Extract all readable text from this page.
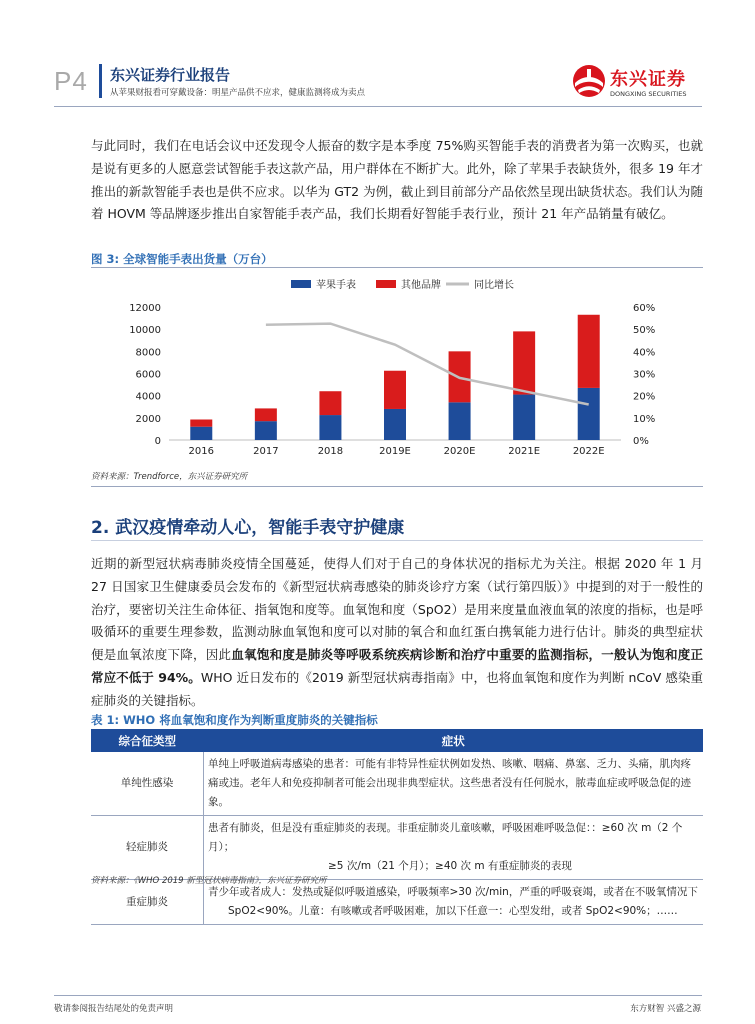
P4 东兴证券行业报告
从苹果财报看可穿戴设备：明星产品供不应求，健康监测将成为卖点
东兴证券
DONGXING SECURITIES
与此同时，我们在电话会议中还发现令人振奋的数字是本季度 75%购买智能手表的消费者为第一次购买，也就是说有更多的人愿意尝试智能手表这款产品，用户群体在不断扩大。此外，除了苹果手表缺货外，很多 19 年才推出的新款智能手表也是供不应求。以华为 GT2 为例，截止到目前部分产品依然呈现出缺货状态。我们认为随着 HOVM 等品牌逐步推出自家智能手表产品，我们长期看好智能手表行业，预计 21 年产品销量有破亿。
图 3: 全球智能手表出货量（万台）
苹果手表	其他品牌	同比增长
0
2000
4000
6000
8000
10000
12000
0%
10%
20%
30%
40%
50%
60%
2016	2017	2018	2019E	2020E	2021E	2022E
资料来源：Trendforce，东兴证券研究所
2. 武汉疫情牵动人心，智能手表守护健康
近期的新型冠状病毒肺炎疫情全国蔓延，使得人们对于自己的身体状况的指标尤为关注。根据 2020 年 1 月 27 日国家卫生健康委员会发布的《新型冠状病毒感染的肺炎诊疗方案（试行第四版）》中提到的对于一般性的治疗，要密切关注生命体征、指氧饱和度等。血氧饱和度（SpO2）是用来度量血液血氧的浓度的指标，也是呼吸循环的重要生理参数，监测动脉血氧饱和度可以对肺的氧合和血红蛋白携氧能力进行估计。肺炎的典型症状便是血氧浓度下降，因此血氧饱和度是肺炎等呼吸系统疾病诊断和治疗中重要的监测指标，一般认为饱和度正常应不低于 94%。WHO 近日发布的《2019 新型冠状病毒指南》中，也将血氧饱和度作为判断 nCoV 感染重症肺炎的关键指标。
表 1: WHO 将血氧饱和度作为判断重度肺炎的关键指标
综合征类型	症状
单纯性感染	单纯上呼吸道病毒感染的患者：可能有非特异性症状例如发热、咳嗽、咽痛、鼻塞、乏力、头痛，肌肉疼痛或违。老年人和免疫抑制者可能会出现非典型症状。这些患者没有任何脱水，脓毒血症或呼吸急促的迹象。
轻症肺炎	患者有肺炎，但是没有重症肺炎的表现。非重症肺炎儿童咳嗽，呼吸困难呼吸急促：：≥60 次 m（2 个月）；
≥5 次/m（21 个月）；≥40 次 m 有重症肺炎的表现

重症肺炎	青少年或者成人：发热或疑似呼吸道感染，呼吸频率>30 次/min，严重的呼吸衰竭，或者在不吸氧情况下
SpO2<90%。儿童：有咳嗽或者呼吸困难，加以下任意一：心型发绀，或者 SpO2<90%；……
资料来源：《WHO 2019 新型冠状病毒指南》，东兴证券研究所
敬请参阅报告结尾处的免责声明	东方财智 兴盛之源
